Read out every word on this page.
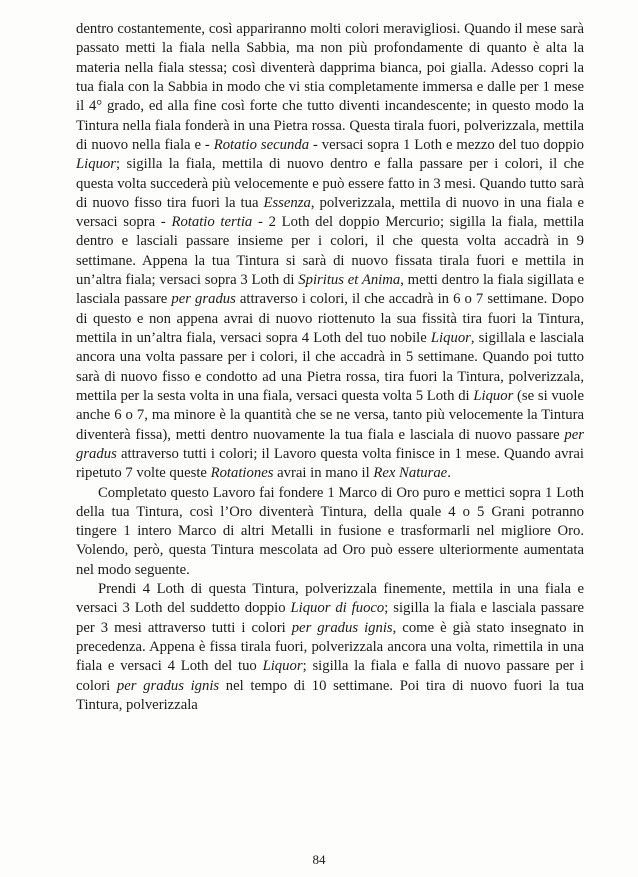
dentro costantemente, così appariranno molti colori meravigliosi. Quando il mese sarà passato metti la fiala nella Sabbia, ma non più profondamente di quanto è alta la materia nella fiala stessa; così diventerà dapprima bianca, poi gialla. Adesso copri la tua fiala con la Sabbia in modo che vi stia completamente immersa e dalle per 1 mese il 4° grado, ed alla fine così forte che tutto diventi incandescente; in questo modo la Tintura nella fiala fonderà in una Pietra rossa. Questa tirala fuori, polverizzala, mettila di nuovo nella fiala e - Rotatio secunda - versaci sopra 1 Loth e mezzo del tuo doppio Liquor; sigilla la fiala, mettila di nuovo dentro e falla passare per i colori, il che questa volta succederà più velocemente e può essere fatto in 3 mesi. Quando tutto sarà di nuovo fisso tira fuori la tua Essenza, polverizzala, mettila di nuovo in una fiala e versaci sopra - Rotatio tertia - 2 Loth del doppio Mercurio; sigilla la fiala, mettila dentro e lasciali passare insieme per i colori, il che questa volta accadrà in 9 settimane. Appena la tua Tintura si sarà di nuovo fissata tirala fuori e mettila in un’altra fiala; versaci sopra 3 Loth di Spiritus et Anima, metti dentro la fiala sigillata e lasciala passare per gradus attraverso i colori, il che accadrà in 6 o 7 settimane. Dopo di questo e non appena avrai di nuovo riottenuto la sua fissità tira fuori la Tintura, mettila in un’altra fiala, versaci sopra 4 Loth del tuo nobile Liquor, sigillala e lasciala ancora una volta passare per i colori, il che accadrà in 5 settimane. Quando poi tutto sarà di nuovo fisso e condotto ad una Pietra rossa, tira fuori la Tintura, polverizzala, mettila per la sesta volta in una fiala, versaci questa volta 5 Loth di Liquor (se si vuole anche 6 o 7, ma minore è la quantità che se ne versa, tanto più velocemente la Tintura diventerà fissa), metti dentro nuovamente la tua fiala e lasciala di nuovo passare per gradus attraverso tutti i colori; il Lavoro questa volta finisce in 1 mese. Quando avrai ripetuto 7 volte queste Rotationes avrai in mano il Rex Naturae.

Completato questo Lavoro fai fondere 1 Marco di Oro puro e mettici sopra 1 Loth della tua Tintura, così l’Oro diventerà Tintura, della quale 4 o 5 Grani potranno tingere 1 intero Marco di altri Metalli in fusione e trasformarli nel migliore Oro. Volendo, però, questa Tintura mescolata ad Oro può essere ulteriormente aumentata nel modo seguente.

Prendi 4 Loth di questa Tintura, polverizzala finemente, mettila in una fiala e versaci 3 Loth del suddetto doppio Liquor di fuoco; sigilla la fiala e lasciala passare per 3 mesi attraverso tutti i colori per gradus ignis, come è già stato insegnato in precedenza. Appena è fissa tirala fuori, polverizzala ancora una volta, rimettila in una fiala e versaci 4 Loth del tuo Liquor; sigilla la fiala e falla di nuovo passare per i colori per gradus ignis nel tempo di 10 settimane. Poi tira di nuovo fuori la tua Tintura, polverizzala

84
